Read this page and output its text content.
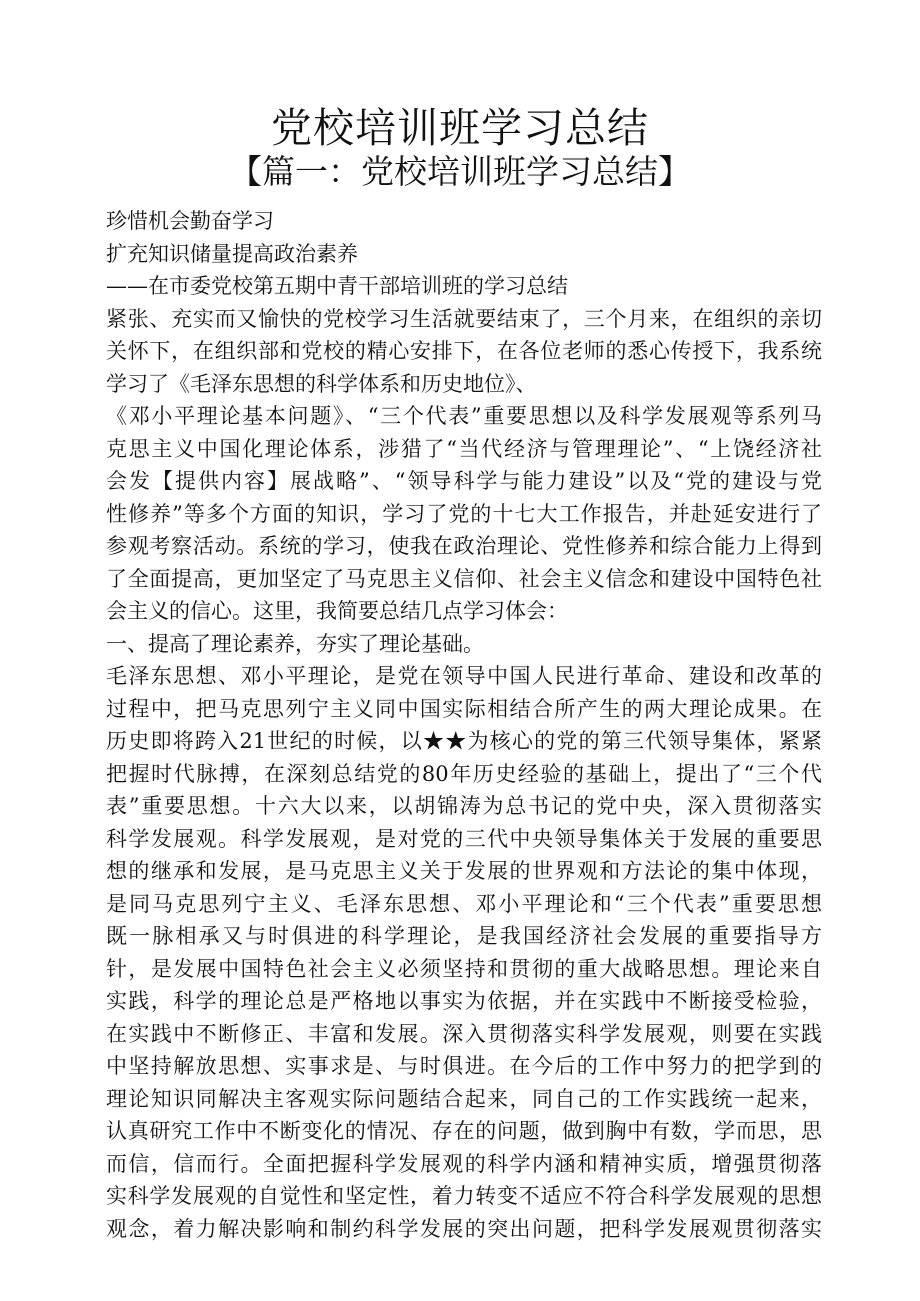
党校培训班学习总结
【篇一：党校培训班学习总结】
珍惜机会勤奋学习
扩充知识储量提高政治素养
——在市委党校第五期中青干部培训班的学习总结
紧张、充实而又愉快的党校学习生活就要结束了，三个月来，在组织的亲切
关怀下，在组织部和党校的精心安排下，在各位老师的悉心传授下，我系统
学习了《毛泽东思想的科学体系和历史地位》、
《邓小平理论基本问题》、“三个代表”重要思想以及科学发展观等系列马
克思主义中国化理论体系，涉猎了“当代经济与管理理论”、“上饶经济社
会发【提供内容】展战略”、“领导科学与能力建设”以及“党的建设与党
性修养”等多个方面的知识，学习了党的十七大工作报告，并赴延安进行了
参观考察活动。系统的学习，使我在政治理论、党性修养和综合能力上得到
了全面提高，更加坚定了马克思主义信仰、社会主义信念和建设中国特色社
会主义的信心。这里，我简要总结几点学习体会：
一、提高了理论素养，夯实了理论基础。
毛泽东思想、邓小平理论，是党在领导中国人民进行革命、建设和改革的
过程中，把马克思列宁主义同中国实际相结合所产生的两大理论成果。在
历史即将跨入21世纪的时候，以★★为核心的党的第三代领导集体，紧紧
把握时代脉搏，在深刻总结党的80年历史经验的基础上，提出了“三个代
表”重要思想。十六大以来，以胡锦涛为总书记的党中央，深入贯彻落实
科学发展观。科学发展观，是对党的三代中央领导集体关于发展的重要思
想的继承和发展，是马克思主义关于发展的世界观和方法论的集中体现，
是同马克思列宁主义、毛泽东思想、邓小平理论和“三个代表”重要思想
既一脉相承又与时俱进的科学理论，是我国经济社会发展的重要指导方
针，是发展中国特色社会主义必须坚持和贯彻的重大战略思想。理论来自
实践，科学的理论总是严格地以事实为依据，并在实践中不断接受检验，
在实践中不断修正、丰富和发展。深入贯彻落实科学发展观，则要在实践
中坚持解放思想、实事求是、与时俱进。在今后的工作中努力的把学到的
理论知识同解决主客观实际问题结合起来，同自己的工作实践统一起来，
认真研究工作中不断变化的情况、存在的问题，做到胸中有数，学而思，思
而信，信而行。全面把握科学发展观的科学内涵和精神实质，增强贯彻落
实科学发展观的自觉性和坚定性，着力转变不适应不符合科学发展观的思想
观念，着力解决影响和制约科学发展的突出问题，把科学发展观贯彻落实
